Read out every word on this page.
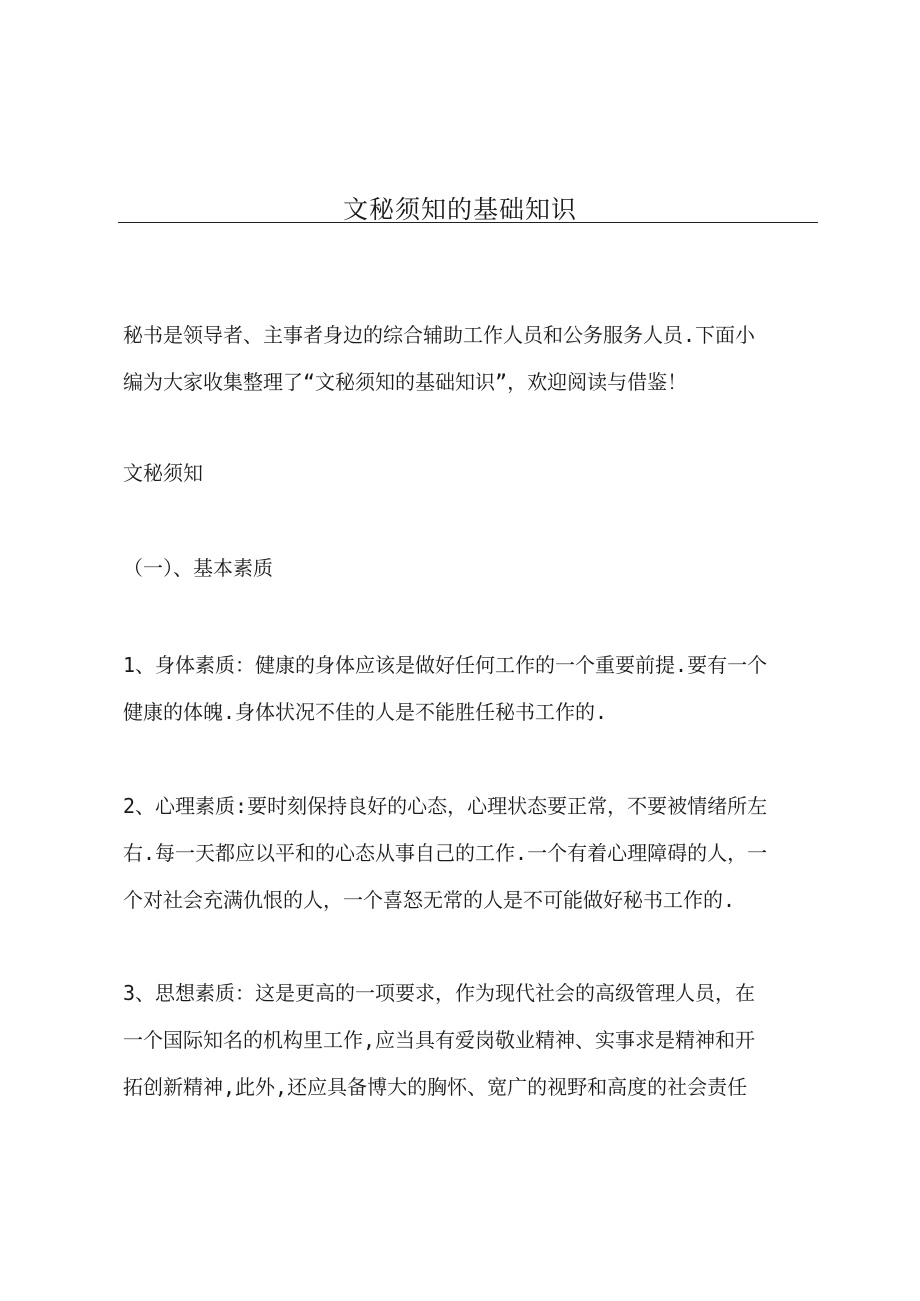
文秘须知的基础知识

秘书是领导者、主事者身边的综合辅助工作人员和公务服务人员.下面小
编为大家收集整理了“文秘须知的基础知识”，欢迎阅读与借鉴！

文秘须知

（一）、基本素质

1、身体素质：健康的身体应该是做好任何工作的一个重要前提.要有一个
健康的体魄.身体状况不佳的人是不能胜任秘书工作的.

2、心理素质:要时刻保持良好的心态，心理状态要正常，不要被情绪所左
右.每一天都应以平和的心态从事自己的工作.一个有着心理障碍的人，一
个对社会充满仇恨的人，一个喜怒无常的人是不可能做好秘书工作的.

3、思想素质：这是更高的一项要求，作为现代社会的高级管理人员，在
一个国际知名的机构里工作,应当具有爱岗敬业精神、实事求是精神和开
拓创新精神,此外,还应具备博大的胸怀、宽广的视野和高度的社会责任
